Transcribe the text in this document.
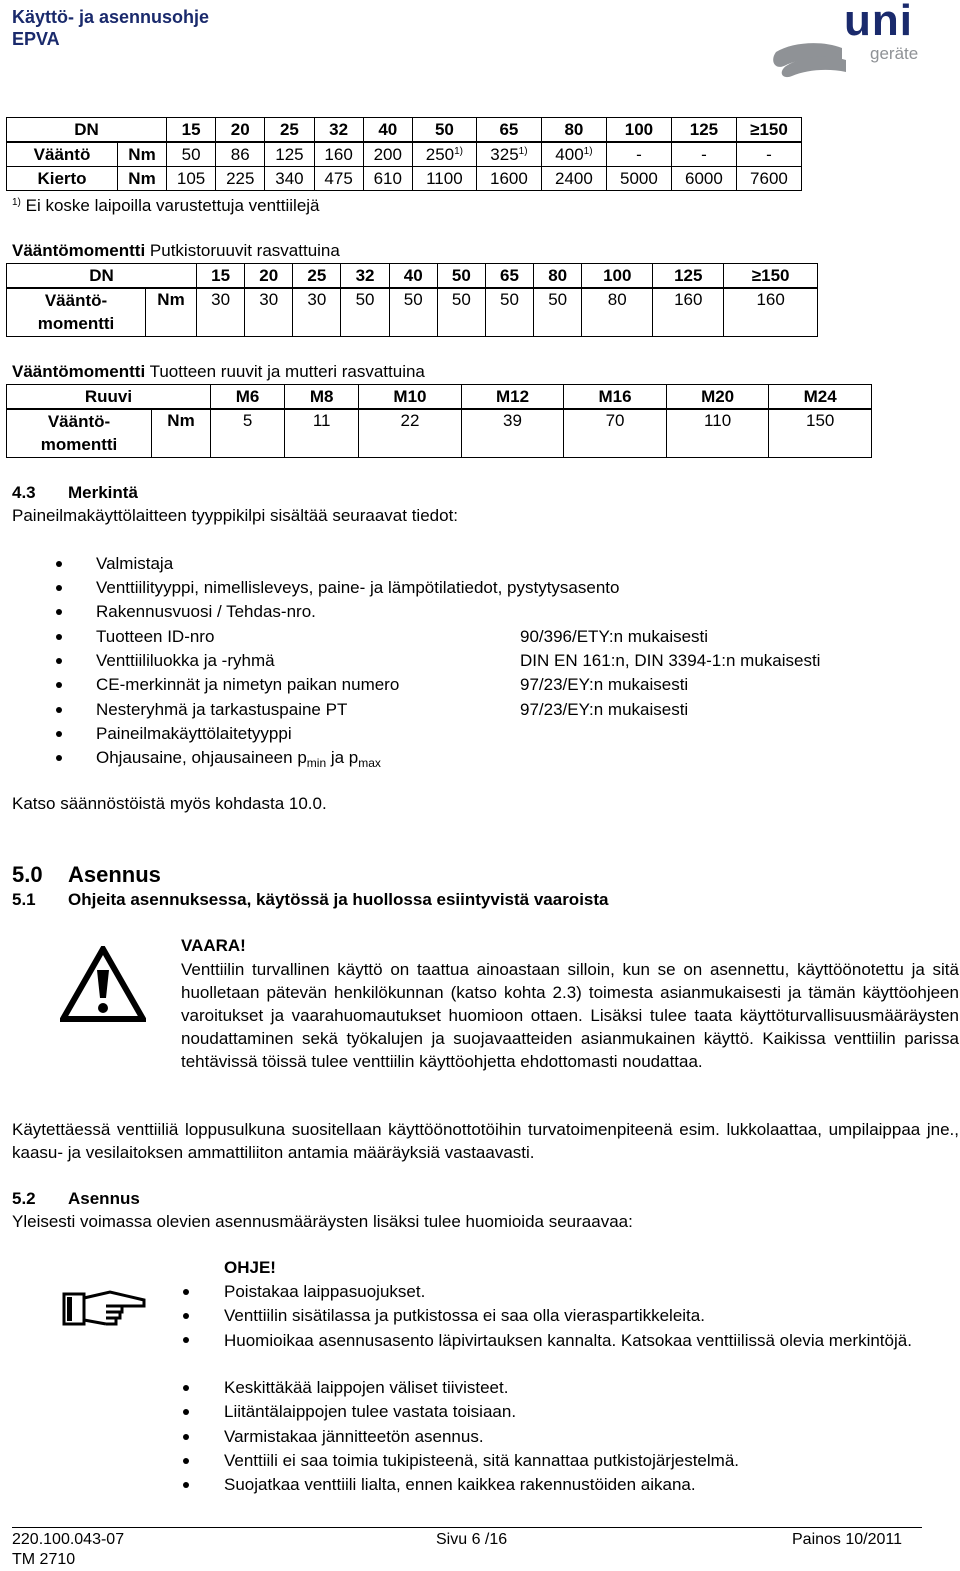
Käyttö- ja asennusohje
EPVA	uni
geräte
DN		15	20	25	32	40	50	65	80	100	125	≥150
Vääntö	Nm	50	86	125	160	200	250$^{1)}$	325$^{1)}$	400$^{1)}$	-	-	-
Kierto	Nm	105	225	340	475	610	1100	1600	2400	5000	6000	7600
$^{1)}$ Ei koske laipoilla varustettuja venttiilejä
Vääntömomentti Putkistoruuvit rasvattuina
DN		15	20	25	32	40	50	65	80	100	125	≥150

Vääntö-
momentti	Nm	30	30	30	50	50	50	50	50	80	160	160
Vääntömomentti Tuotteen ruuvit ja mutteri rasvattuina
Ruuvi		M6	M8	M10	M12	M16	M20	M24

Vääntö-
momentti	Nm	5	11	22	39	70	110	150
4.3 Merkintä
Paineilmakäyttölaitteen tyyppikilpi sisältää seuraavat tiedot:
Valmistaja
Venttiilityyppi, nimellisleveys, paine- ja lämpötilatiedot, pystytysasento
Rakennusvuosi / Tehdas-nro.
Tuotteen ID-nro	90/396/ETY:n mukaisesti
Venttiililuokka ja -ryhmä	DIN EN 161:n, DIN 3394-1:n mukaisesti
CE-merkinnät ja nimetyn paikan numero	97/23/EY:n mukaisesti
Nesteryhmä ja tarkastuspaine PT	97/23/EY:n mukaisesti
Paineilmakäyttölaitetyyppi
Ohjausaine, ohjausaineen $p_{min}$ ja $p_{max}$
Katso säännöstöistä myös kohdasta 10.0.
5.0 Asennus
5.1 Ohjeita asennuksessa, käytössä ja huollossa esiintyvistä vaaroista
VAARA!
Venttiilin turvallinen käyttö on taattua ainoastaan silloin, kun se on asennettu, käyttöönotettu ja sitä huolletaan pätevän henkilökunnan (katso kohta 2.3) toimesta asianmukaisesti ja tämän käyttöohjeen varoitukset ja vaarahuomautukset huomioon ottaen. Lisäksi tulee taata käyttöturvallisuusmääräysten noudattaminen sekä työkalujen ja suojavaatteiden asianmukainen käyttö. Kaikissa venttiilin parissa tehtävissä töissä tulee venttiilin käyttöohjetta ehdottomasti noudattaa.
Käytettäessä venttiiliä loppusulkuna suositellaan käyttöönottotöihin turvatoimenpiteenä esim. lukkolaattaa, umpilaippaa jne., kaasu- ja vesilaitoksen ammattiliiton antamia määräyksiä vastaavasti.
5.2 Asennus
Yleisesti voimassa olevien asennusmääräysten lisäksi tulee huomioida seuraavaa:
OHJE!
Poistakaa laippasuojukset.
Venttiilin sisätilassa ja putkistossa ei saa olla vieraspartikkeleita.
Huomioikaa asennusasento läpivirtauksen kannalta. Katsokaa venttiilissä olevia merkintöjä.
Keskittäkää laippojen väliset tiivisteet.
Liitäntälaippojen tulee vastata toisiaan.
Varmistakaa jännitteetön asennus.
Venttiili ei saa toimia tukipisteenä, sitä kannattaa putkistojärjestelmä.
Suojatkaa venttiili lialta, ennen kaikkea rakennustöiden aikana.
220.100.043-07
TM 2710
Sivu 6 /16	Painos 10/2011
